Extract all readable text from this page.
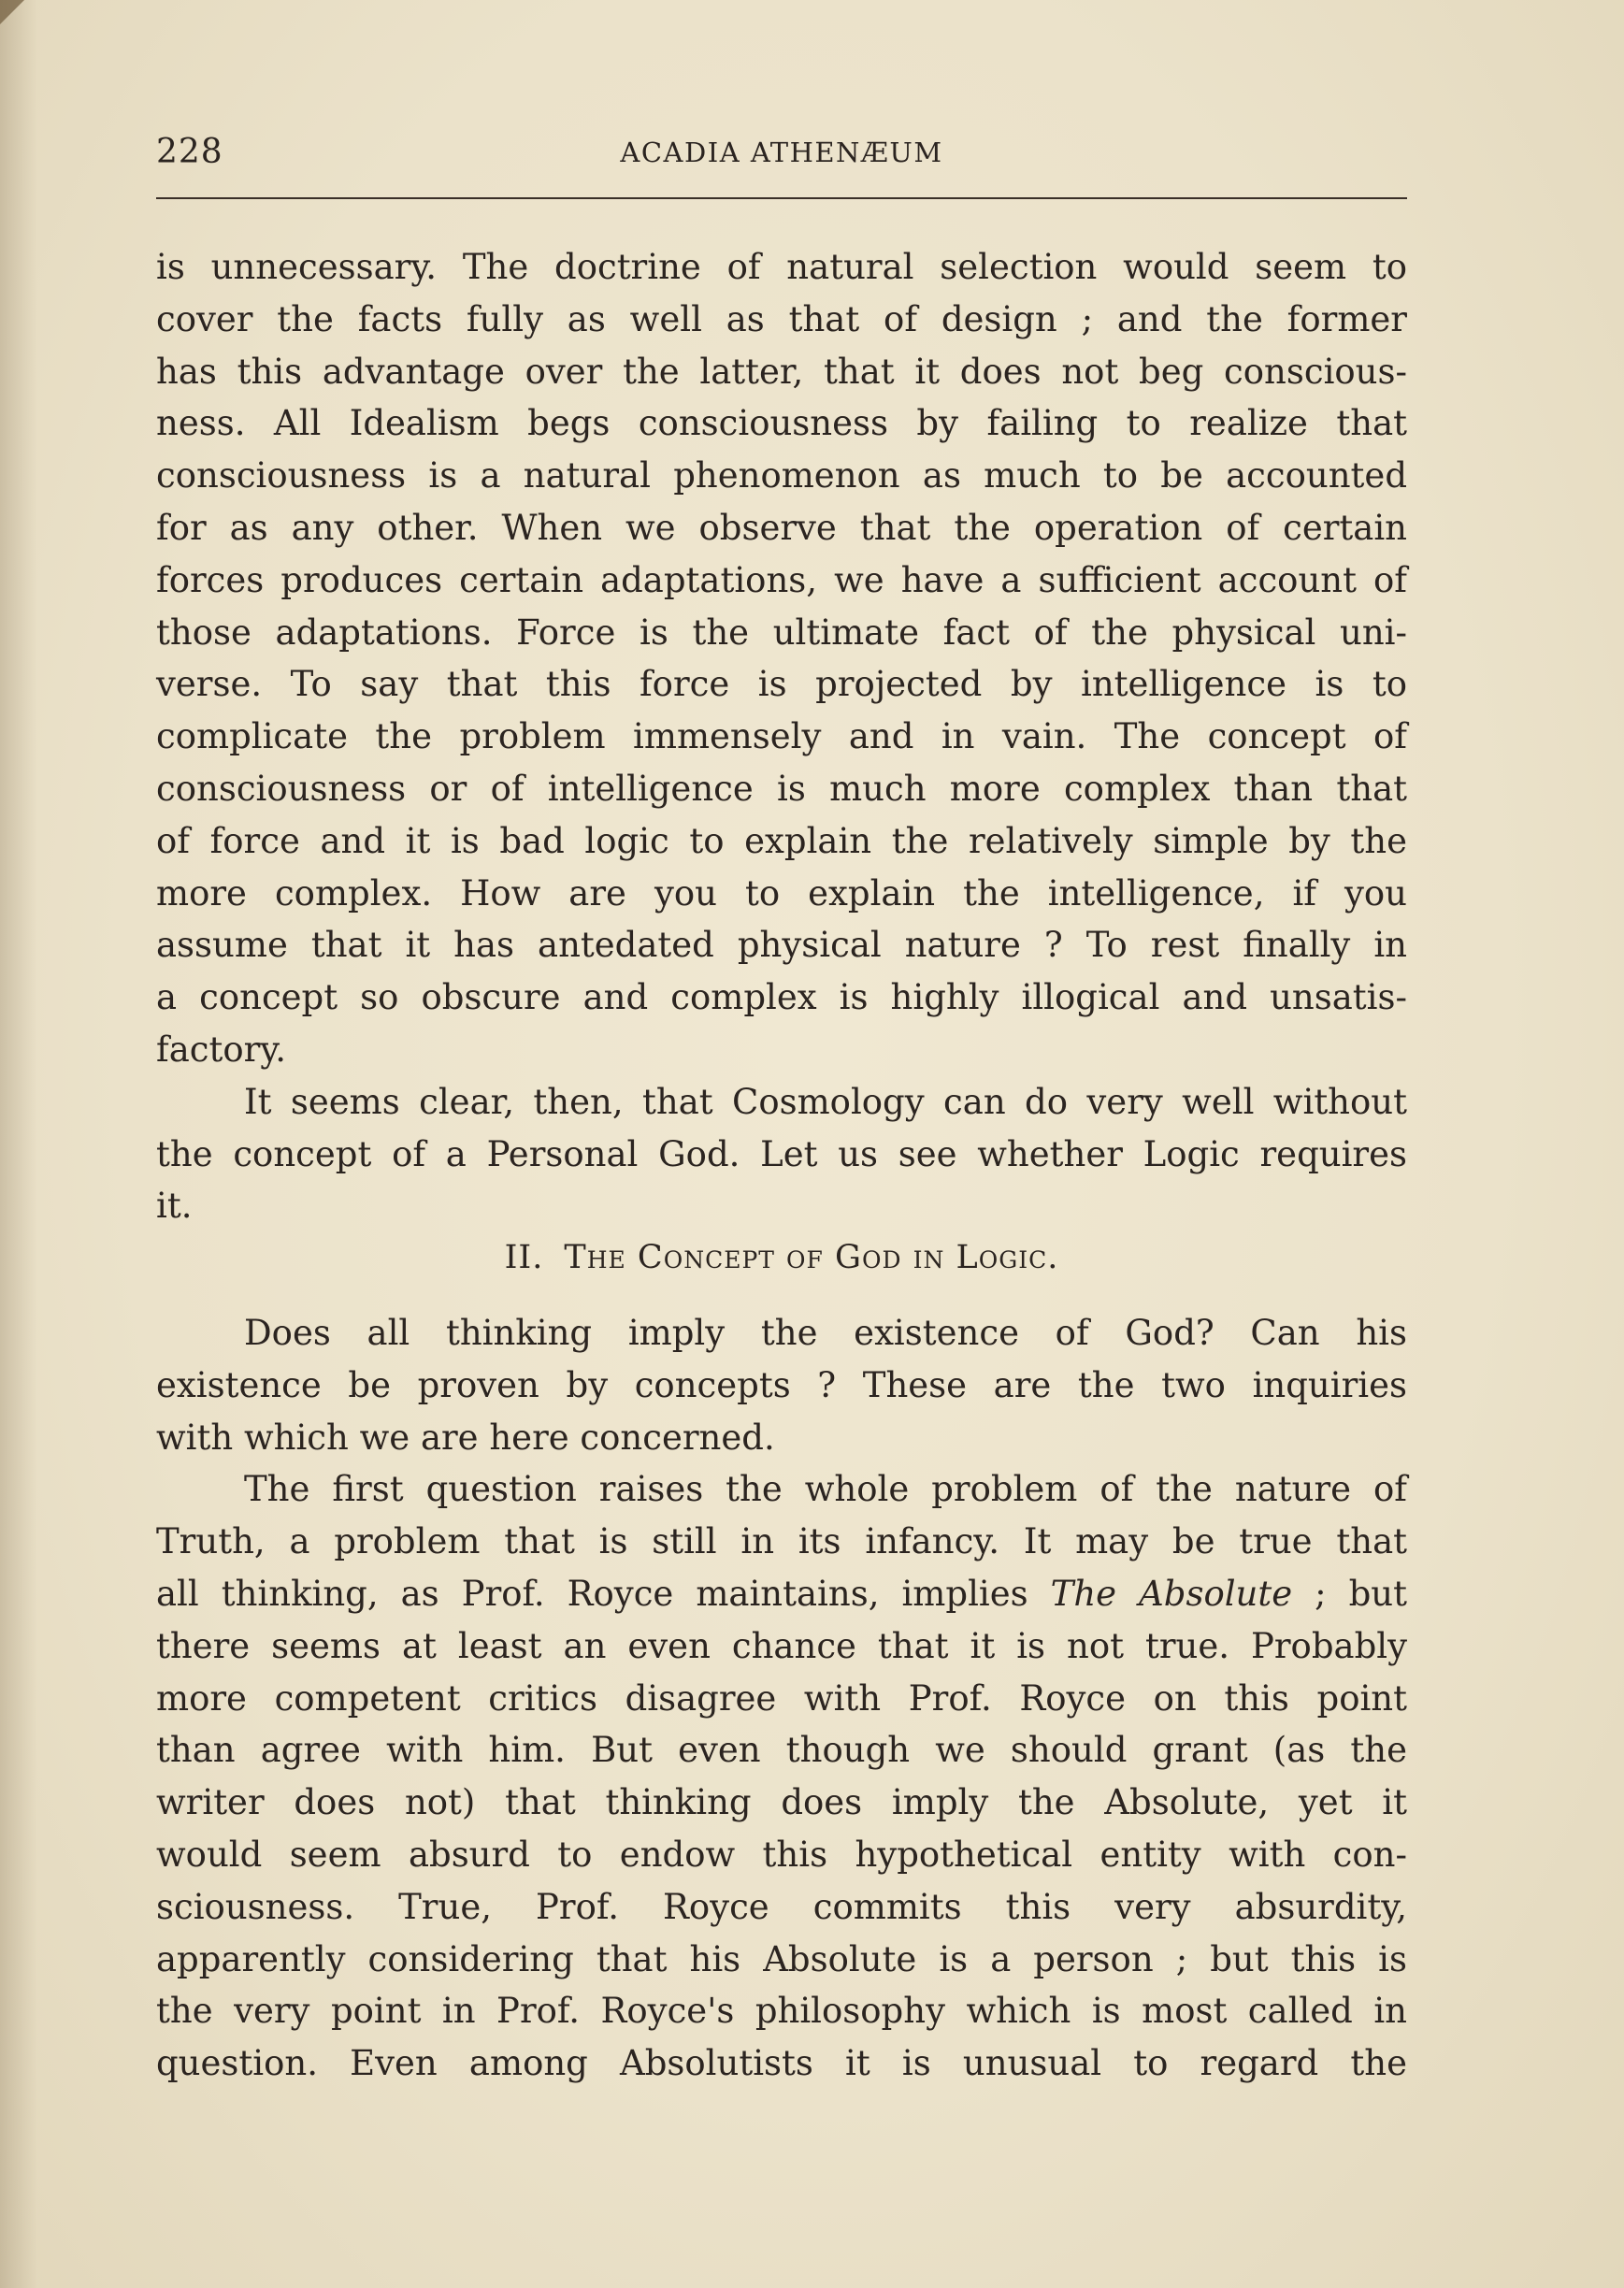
228	ACADIA ATHENÆUM
is unnecessary. The doctrine of natural selection would seem to
cover the facts fully as well as that of design ; and the former
has this advantage over the latter, that it does not beg conscious-
ness. All Idealism begs consciousness by failing to realize that
consciousness is a natural phenomenon as much to be accounted
for as any other. When we observe that the operation of certain
forces produces certain adaptations, we have a sufficient account of
those adaptations. Force is the ultimate fact of the physical uni-
verse. To say that this force is projected by intelligence is to
complicate the problem immensely and in vain. The concept of
consciousness or of intelligence is much more complex than that
of force and it is bad logic to explain the relatively simple by the
more complex. How are you to explain the intelligence, if you
assume that it has antedated physical nature ? To rest finally in
a concept so obscure and complex is highly illogical and unsatis-
factory.
It seems clear, then, that Cosmology can do very well without
the concept of a Personal God. Let us see whether Logic requires
it.
II. The Concept of God in Logic.
Does all thinking imply the existence of God? Can his
existence be proven by concepts ? These are the two inquiries
with which we are here concerned.
The first question raises the whole problem of the nature of
Truth, a problem that is still in its infancy. It may be true that
all thinking, as Prof. Royce maintains, implies The Absolute ; but
there seems at least an even chance that it is not true. Probably
more competent critics disagree with Prof. Royce on this point
than agree with him. But even though we should grant (as the
writer does not) that thinking does imply the Absolute, yet it
would seem absurd to endow this hypothetical entity with con-
sciousness. True, Prof. Royce commits this very absurdity,
apparently considering that his Absolute is a person ; but this is
the very point in Prof. Royce's philosophy which is most called in
question. Even among Absolutists it is unusual to regard the
